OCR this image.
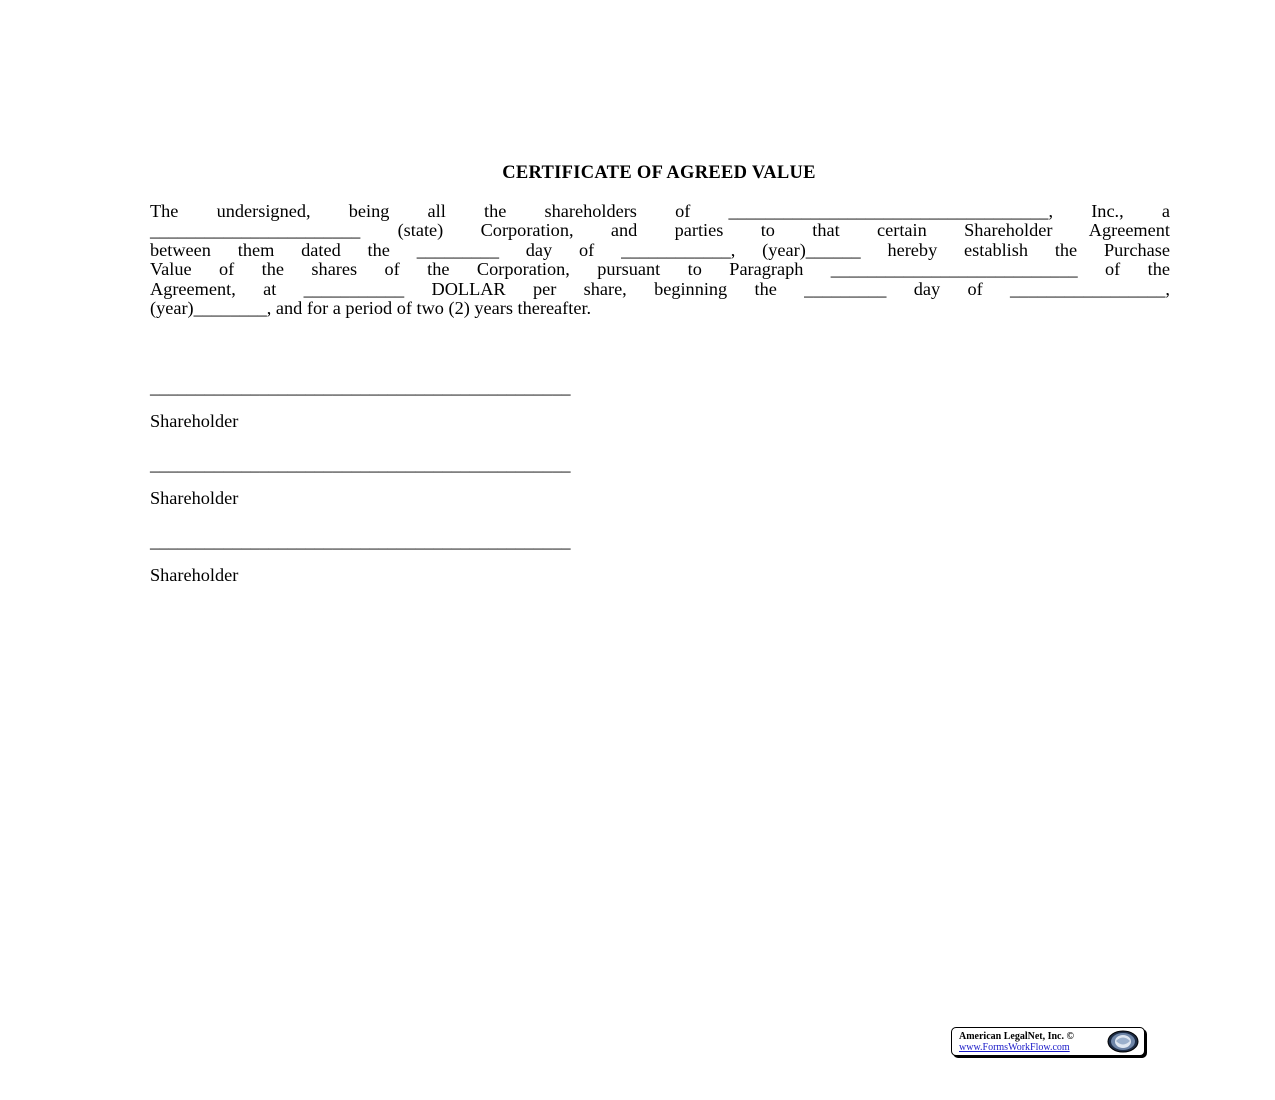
CERTIFICATE OF AGREED VALUE
The undersigned, being all the shareholders of ___________________________________, Inc., a
_______________________ (state) Corporation, and parties to that certain Shareholder Agreement
between them dated the _________ day of ____________, (year)______ hereby establish the Purchase
Value of the shares of the Corporation, pursuant to Paragraph ___________________________ of the
Agreement, at ___________ DOLLAR per share, beginning the _________ day of _________________,
(year)________, and for a period of two (2) years thereafter.
______________________________________________
Shareholder
______________________________________________
Shareholder
______________________________________________
Shareholder
American LegalNet, Inc. ©
www.FormsWorkFlow.com
